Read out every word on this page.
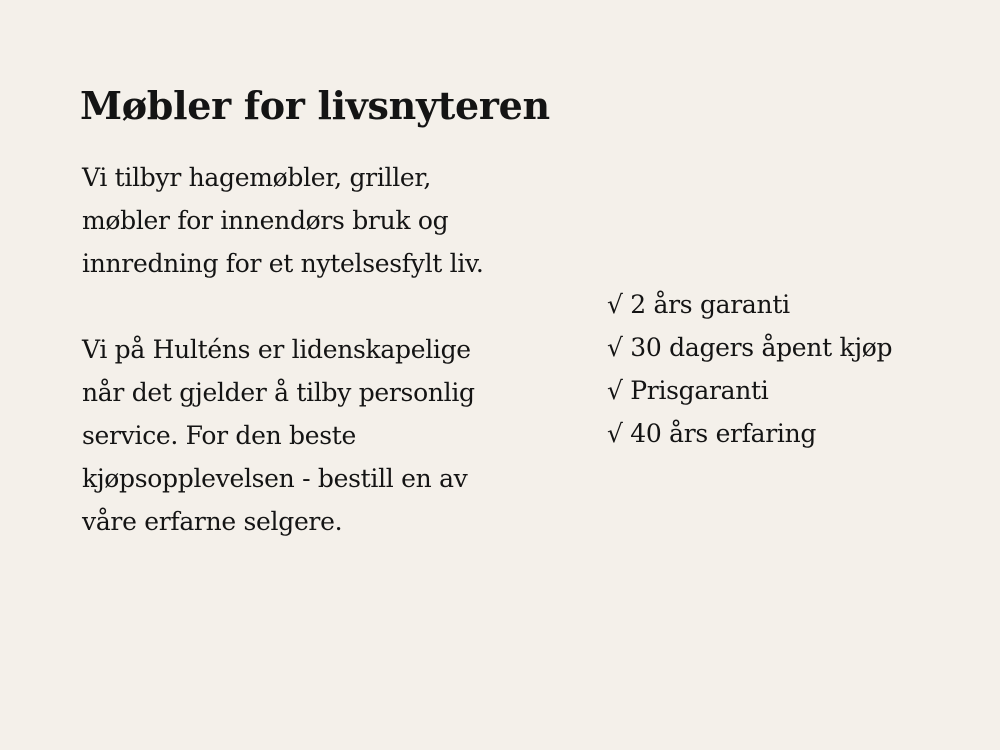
Møbler for livsnyteren

Vi tilbyr hagemøbler, griller, møbler for innendørs bruk og innredning for et nytelsesfylt liv.

Vi på Hulténs er lidenskapelige når det gjelder å tilby personlig service. For den beste kjøpsopplevelsen - bestill en av våre erfarne selgere.

√ 2 års garanti
√ 30 dagers åpent kjøp
√ Prisgaranti
√ 40 års erfaring
